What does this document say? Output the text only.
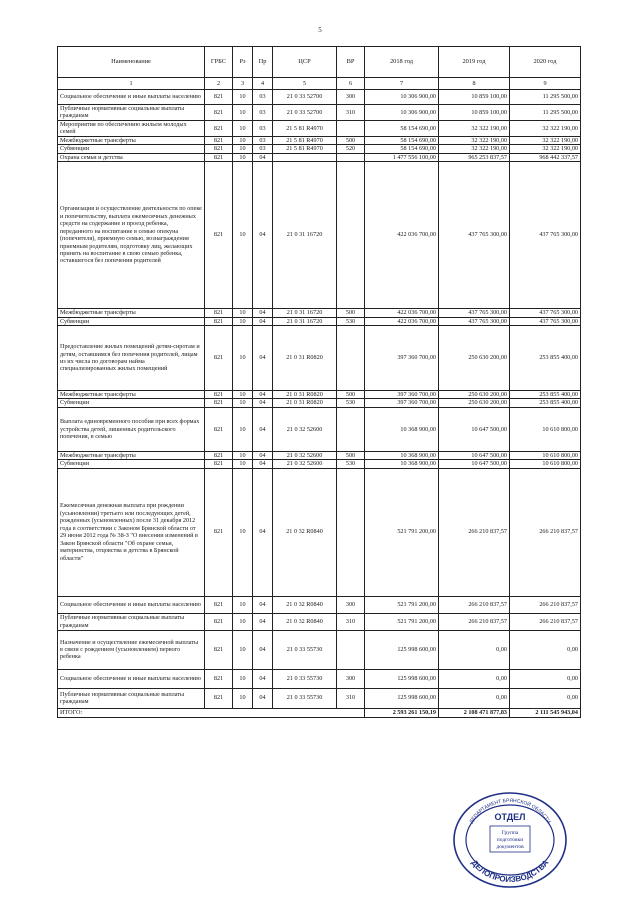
5
Наименование	ГРБС	Рз	Пр	ЦСР	ВР	2018 год	2019 год	2020 год
1	2	3	4	5	6	7	8	9
Социальное обеспечение и иные выплаты населению	821	10	03	21 0 33 52700	300	10 306 900,00	10 859 100,00	11 295 500,00
Публичные нормативные социальные выплаты гражданам	821	10	03	21 0 33 52700	310	10 306 900,00	10 859 100,00	11 295 500,00
Мероприятия по обеспечению жильем молодых семей	821	10	03	21 5 81 R4970		58 154 690,00	32 322 190,00	32 322 190,00
Межбюджетные трансферты	821	10	03	21 5 81 R4970	500	58 154 690,00	32 322 190,00	32 322 190,00
Субвенции	821	10	03	21 5 81 R4970	520	58 154 690,00	32 322 190,00	32 322 190,00
Охрана семьи и детства	821	10	04			1 477 556 100,00	965 253 837,57	968 442 337,57
Организация и осуществление деятельности по опеке и попечительству, выплата ежемесячных денежных средств на содержание и проезд ребенка, переданного на воспитание в семью опекуна (попечителя), приемную семью, вознаграждения приемным родителям, подготовку лиц, желающих принять на воспитание в свою семью ребенка, оставшегося без попечения родителей	821	10	04	21 0 31 16720		422 036 700,00	437 765 300,00	437 765 300,00
Межбюджетные трансферты	821	10	04	21 0 31 16720	500	422 036 700,00	437 765 300,00	437 765 300,00
Субвенции	821	10	04	21 0 31 16720	530	422 036 700,00	437 765 300,00	437 765 300,00
Предоставление жилых помещений детям-сиротам и детям, оставшимся без попечения родителей, лицам из их числа по договорам найма специализированных жилых помещений	821	10	04	21 0 31 R0820		397 360 700,00	250 630 200,00	253 855 400,00
Межбюджетные трансферты	821	10	04	21 0 31 R0820	500	397 360 700,00	250 630 200,00	253 855 400,00
Субвенции	821	10	04	21 0 31 R0820	530	397 360 700,00	250 630 200,00	253 855 400,00
Выплата единовременного пособия при всех формах устройства детей, лишенных родительского попечения, в семью	821	10	04	21 0 32 52600		10 368 900,00	10 647 500,00	10 610 800,00
Межбюджетные трансферты	821	10	04	21 0 32 52600	500	10 368 900,00	10 647 500,00	10 610 800,00
Субвенции	821	10	04	21 0 32 52600	530	10 368 900,00	10 647 500,00	10 610 800,00
Ежемесячная денежная выплата при рождении (усыновлении) третьего или последующих детей, рожденных (усыновленных) после 31 декабря 2012 года в соответствии с Законом Брянской области от 29 июня 2012 года № 38-З "О внесении изменений в Закон Брянской области "Об охране семьи, материнства, отцовства и детства в Брянской области"	821	10	04	21 0 32 R0840		521 791 200,00	266 210 837,57	266 210 837,57
Социальное обеспечение и иные выплаты населению	821	10	04	21 0 32 R0840	300	521 791 200,00	266 210 837,57	266 210 837,57
Публичные нормативные социальные выплаты гражданам	821	10	04	21 0 32 R0840	310	521 791 200,00	266 210 837,57	266 210 837,57
Назначение и осуществление ежемесячной выплаты в связи с рождением (усыновлением) первого ребенка	821	10	04	21 0 33 55730		125 998 600,00	0,00	0,00
Социальное обеспечение и иные выплаты населению	821	10	04	21 0 33 55730	300	125 998 600,00	0,00	0,00
Публичные нормативные социальные выплаты гражданам	821	10	04	21 0 33 55730	310	125 998 600,00	0,00	0,00
ИТОГО:						2 593 261 150,19	2 108 471 877,83	2 111 545 943,04
ДЕПАРТАМЕНТ БРЯНСКОЙ ОБЛАСТИ
ОТДЕЛ
Группа
подготовки
документов
ДЕЛОПРОИЗВОДСТВА
